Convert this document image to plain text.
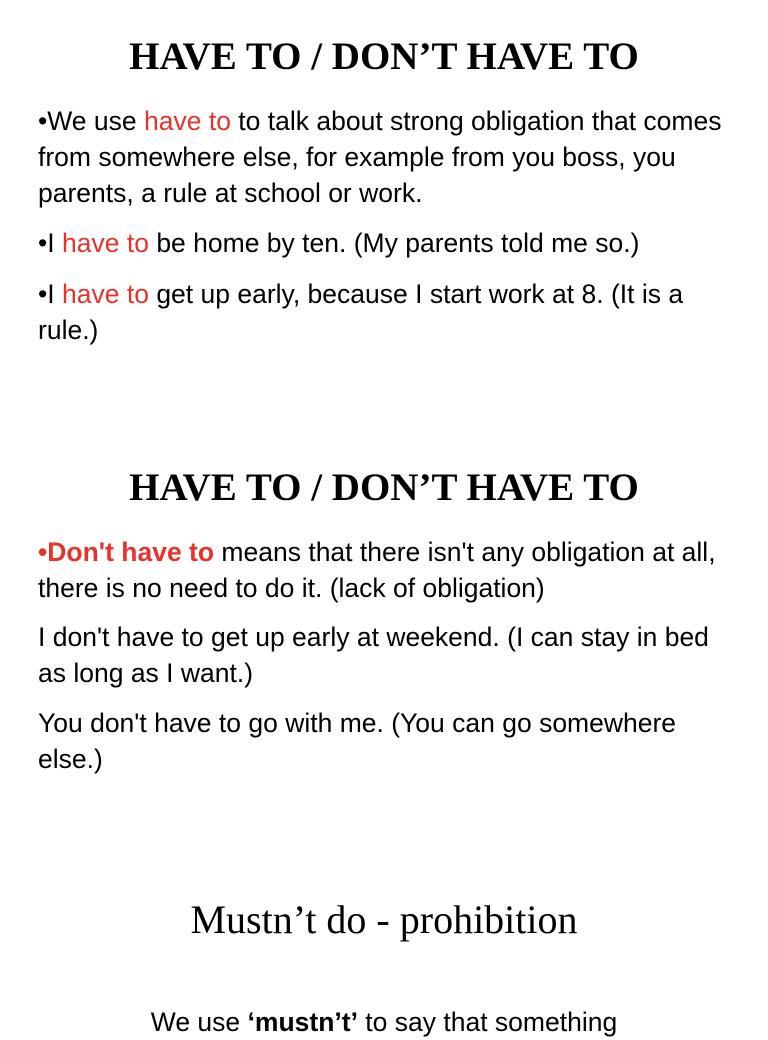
HAVE TO / DON’T HAVE TO

•We use have to to talk about strong obligation that comes from somewhere else, for example from you boss, you parents, a rule at school or work.

•I have to be home by ten. (My parents told me so.)

•I have to get up early, because I start work at 8. (It is a rule.)

HAVE TO / DON’T HAVE TO

•Don't have to means that there isn't any obligation at all, there is no need to do it. (lack of obligation)

I don't have to get up early at weekend. (I can stay in bed as long as I want.)

You don't have to go with me. (You can go somewhere else.)

Mustn’t do - prohibition

We use ‘mustn’t’ to say that something
